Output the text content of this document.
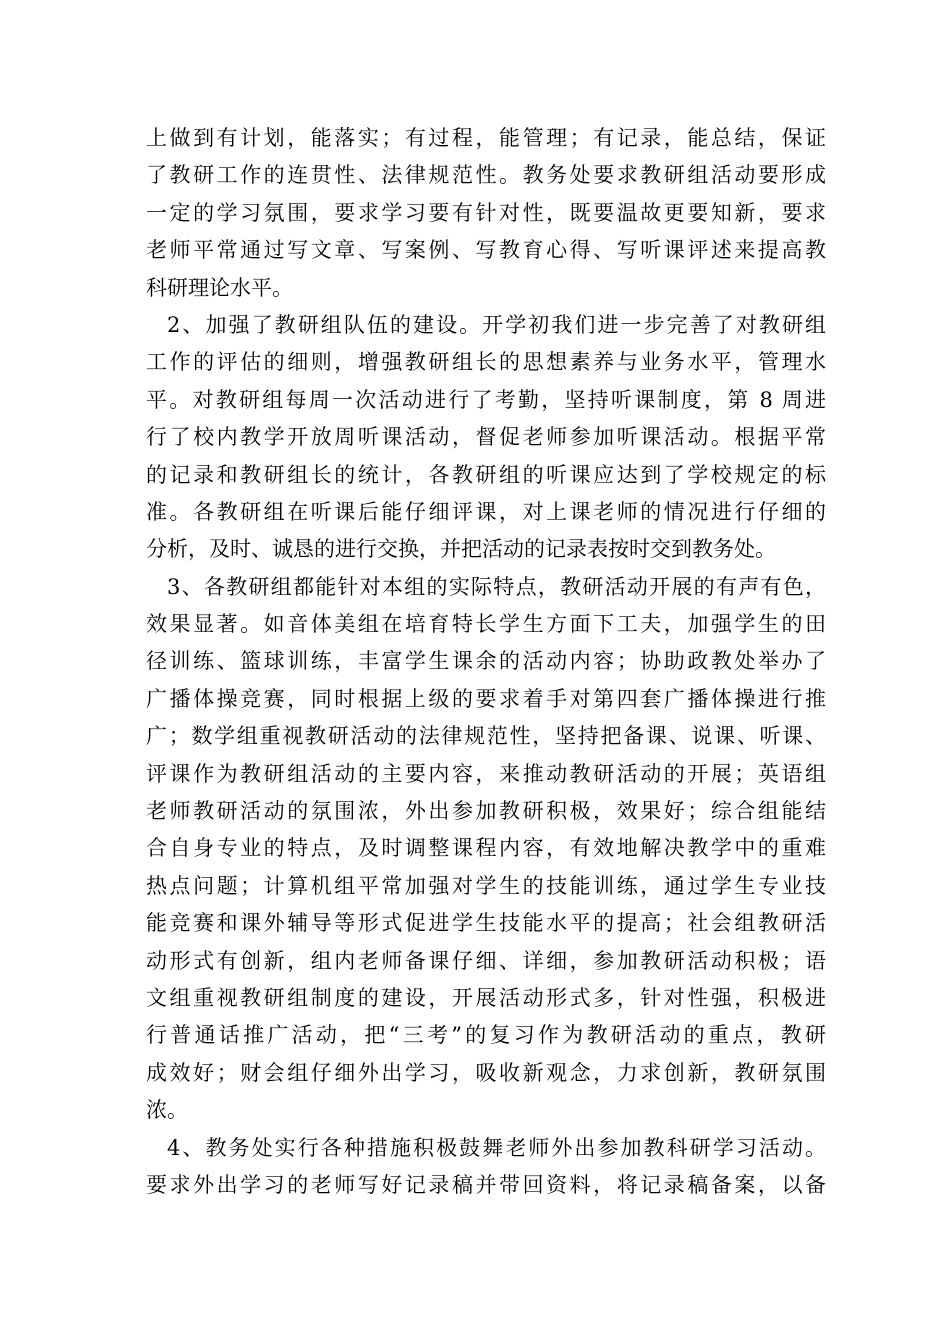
上做到有计划，能落实；有过程，能管理；有记录，能总结，保证
了教研工作的连贯性、法律规范性。教务处要求教研组活动要形成
一定的学习氛围，要求学习要有针对性，既要温故更要知新，要求
老师平常通过写文章、写案例、写教育心得、写听课评述来提高教
科研理论水平。
2、加强了教研组队伍的建设。开学初我们进一步完善了对教研组
工作的评估的细则，增强教研组长的思想素养与业务水平，管理水
平。对教研组每周一次活动进行了考勤，坚持听课制度，第 8 周进
行了校内教学开放周听课活动，督促老师参加听课活动。根据平常
的记录和教研组长的统计，各教研组的听课应达到了学校规定的标
准。各教研组在听课后能仔细评课，对上课老师的情况进行仔细的
分析，及时、诚恳的进行交换，并把活动的记录表按时交到教务处。
3、各教研组都能针对本组的实际特点，教研活动开展的有声有色，
效果显著。如音体美组在培育特长学生方面下工夫，加强学生的田
径训练、篮球训练，丰富学生课余的活动内容；协助政教处举办了
广播体操竞赛，同时根据上级的要求着手对第四套广播体操进行推
广；数学组重视教研活动的法律规范性，坚持把备课、说课、听课、
评课作为教研组活动的主要内容，来推动教研活动的开展；英语组
老师教研活动的氛围浓，外出参加教研积极，效果好；综合组能结
合自身专业的特点，及时调整课程内容，有效地解决教学中的重难
热点问题；计算机组平常加强对学生的技能训练，通过学生专业技
能竞赛和课外辅导等形式促进学生技能水平的提高；社会组教研活
动形式有创新，组内老师备课仔细、详细，参加教研活动积极；语
文组重视教研组制度的建设，开展活动形式多，针对性强，积极进
行普通话推广活动，把“三考”的复习作为教研活动的重点，教研
成效好；财会组仔细外出学习，吸收新观念，力求创新，教研氛围
浓。
4、教务处实行各种措施积极鼓舞老师外出参加教科研学习活动。
要求外出学习的老师写好记录稿并带回资料，将记录稿备案，以备
